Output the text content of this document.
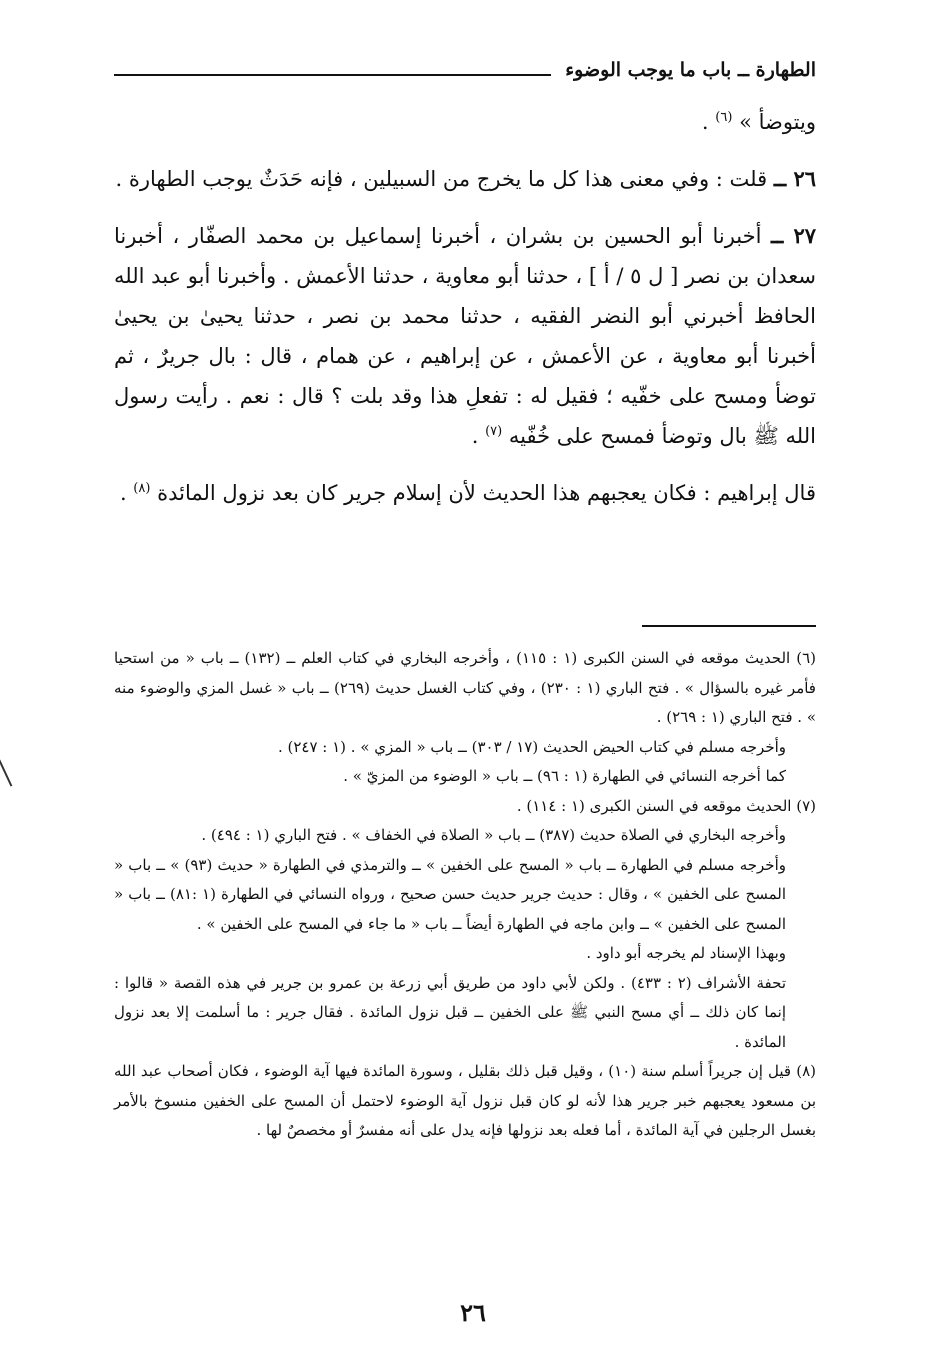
الطهارة ــ باب ما يوجب الوضوء

ويتوضأ » $^{(٦)}$ .

٢٦ ــ قلت : وفي معنى هذا كل ما يخرج من السبيلين ، فإنه حَدَثٌ يوجب الطهارة .

٢٧ ــ أخبرنا أبو الحسين بن بشران ، أخبرنا إسماعيل بن محمد الصفّار ، أخبرنا سعدان بن نصر [ ل ٥ / أ ] ، حدثنا أبو معاوية ، حدثنا الأعمش . وأخبرنا أبو عبد الله الحافظ أخبرني أبو النضر الفقيه ، حدثنا محمد بن نصر ، حدثنا يحيىٰ بن يحيىٰ أخبرنا أبو معاوية ، عن الأعمش ، عن إبراهيم ، عن همام ، قال : بال جريرٌ ، ثم توضأ ومسح على خفّيه ؛ فقيل له : تفعلِ هذا وقد بلت ؟ قال : نعم . رأيت رسول الله ﷺ بال وتوضأ فمسح على خُفّيه $^{(٧)}$ .

قال إبراهيم : فكان يعجبهم هذا الحديث لأن إسلام جرير كان بعد نزول المائدة $^{(٨)}$ .

(٦) الحديث موقعه في السنن الكبرى (١ : ١١٥) ، وأخرجه البخاري في كتاب العلم ــ (١٣٢) ــ باب « من استحيا فأمر غيره بالسؤال » . فتح الباري (١ : ٢٣٠) ، وفي كتاب الغسل حديث (٢٦٩) ــ باب « غسل المزي والوضوء منه » . فتح الباري (١ : ٢٦٩) .

وأخرجه مسلم في كتاب الحيض الحديث (١٧ / ٣٠٣) ــ باب « المزي » . (١ : ٢٤٧) .

كما أخرجه النسائي في الطهارة (١ : ٩٦) ــ باب « الوضوء من المزيّ » .

(٧) الحديث موقعه في السنن الكبرى (١ : ١١٤) .

وأخرجه البخاري في الصلاة حديث (٣٨٧) ــ باب « الصلاة في الخفاف » . فتح الباري (١ : ٤٩٤) .

وأخرجه مسلم في الطهارة ــ باب « المسح على الخفين » ــ والترمذي في الطهارة « حديث (٩٣) » ــ باب « المسح على الخفين » ، وقال : حديث جرير حديث حسن صحيح ، ورواه النسائي في الطهارة (١ :٨١) ــ باب « المسح على الخفين » ــ وابن ماجه في الطهارة أيضاً ــ باب « ما جاء في المسح على الخفين » .

وبهذا الإسناد لم يخرجه أبو داود .

تحفة الأشراف (٢ : ٤٣٣) . ولكن لأبي داود من طريق أبي زرعة بن عمرو بن جرير في هذه القصة « قالوا : إنما كان ذلك ــ أي مسح النبي ﷺ على الخفين ــ قبل نزول المائدة . فقال جرير : ما أسلمت إلا بعد نزول المائدة .

(٨) قيل إن جريراً أسلم سنة (١٠) ، وقيل قبل ذلك بقليل ، وسورة المائدة فيها آية الوضوء ، فكان أصحاب عبد الله بن مسعود يعجبهم خبر جرير هذا لأنه لو كان قبل نزول آية الوضوء لاحتمل أن المسح على الخفين منسوخ بالأمر بغسل الرجلين في آية المائدة ، أما فعله بعد نزولها فإنه يدل على أنه مفسرٌ أو مخصصٌ لها .

٢٦
